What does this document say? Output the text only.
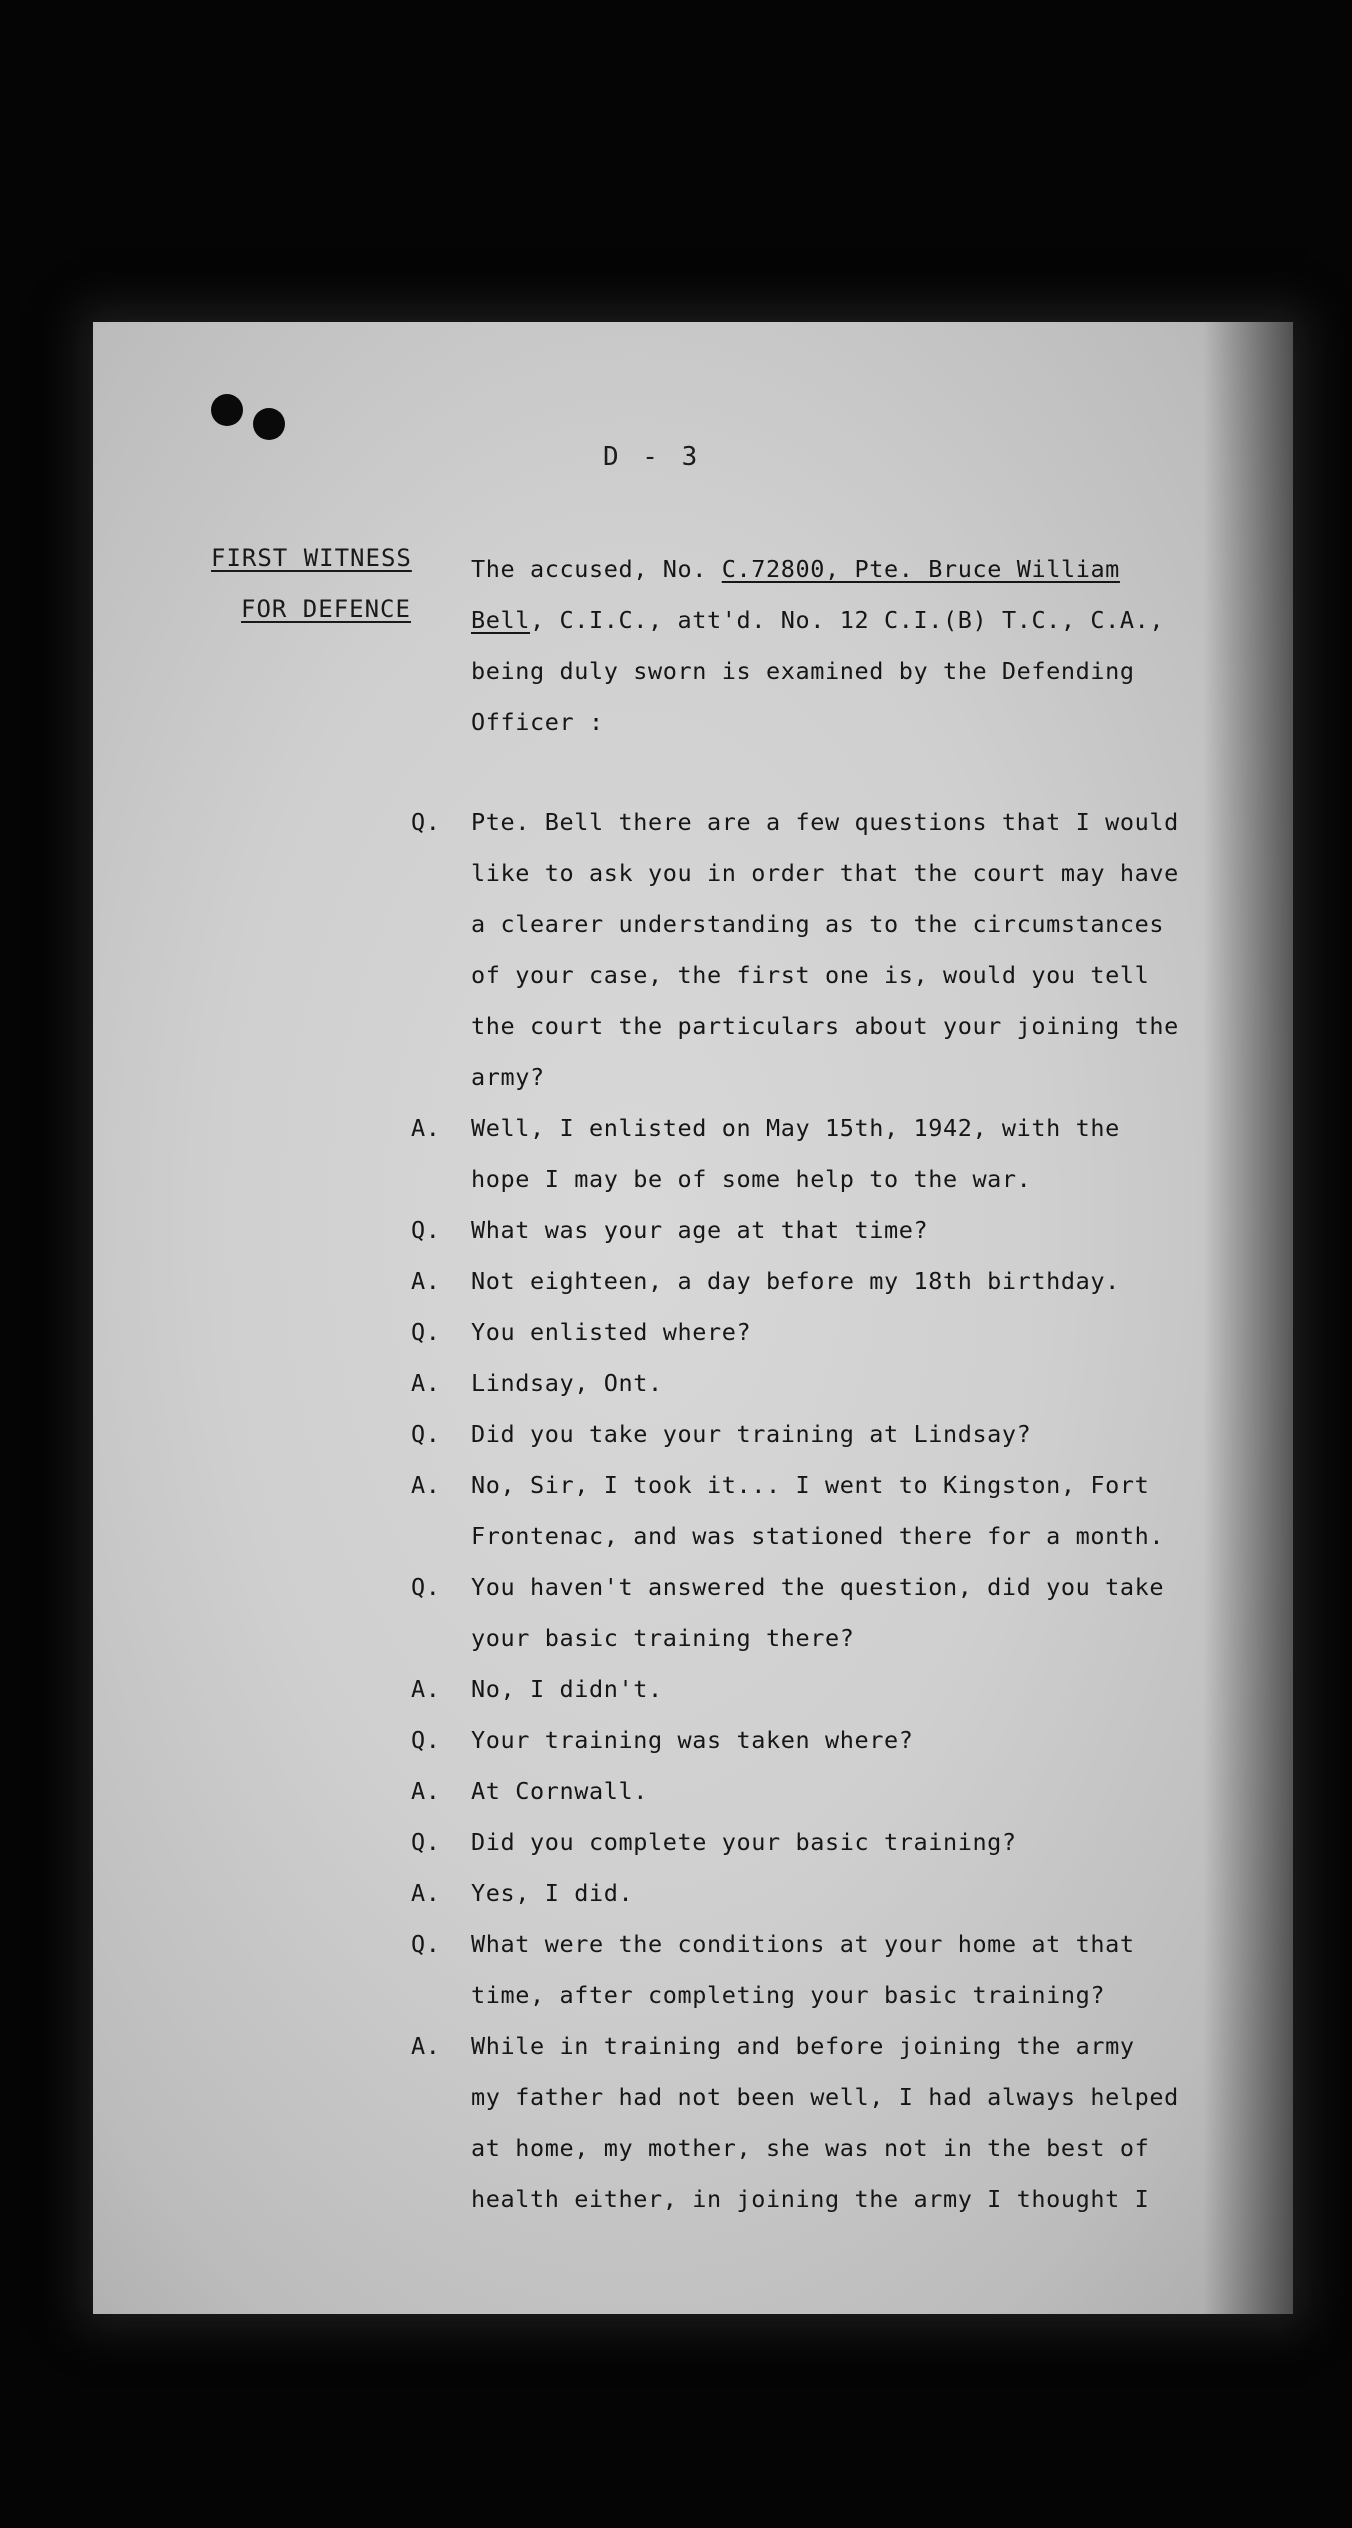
D - 3
FIRST WITNESS
FOR DEFENCE
The accused, No. C.72800, Pte. Bruce William
Bell, C.I.C., att'd. No. 12 C.I.(B) T.C., C.A.,
being duly sworn is examined by the Defending
Officer :
Q.	Pte. Bell there are a few questions that I would
like to ask you in order that the court may have
a clearer understanding as to the circumstances
of your case, the first one is, would you tell
the court the particulars about your joining the
army?
A.	Well, I enlisted on May 15th, 1942, with the
hope I may be of some help to the war.
Q.	What was your age at that time?
A.	Not eighteen, a day before my 18th birthday.
Q.	You enlisted where?
A.	Lindsay, Ont.
Q.	Did you take your training at Lindsay?
A.	No, Sir, I took it... I went to Kingston, Fort
Frontenac, and was stationed there for a month.
Q.	You haven't answered the question, did you take
your basic training there?
A.	No, I didn't.
Q.	Your training was taken where?
A.	At Cornwall.
Q.	Did you complete your basic training?
A.	Yes, I did.
Q.	What were the conditions at your home at that
time, after completing your basic training?
A.	While in training and before joining the army
my father had not been well, I had always helped
at home, my mother, she was not in the best of
health either, in joining the army I thought I
